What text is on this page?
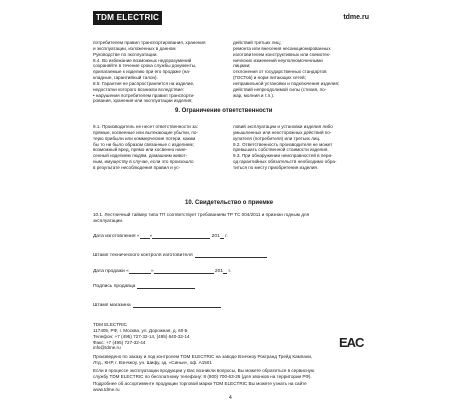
TDM ELECTRIC	tdme.ru
потребителем правил транспортирования, хранения
и эксплуатации, изложенных в данном
Руководстве по эксплуатации.
8.4. Во избежание возможных недоразумений
сохраняйте в течение срока службы документы,
прилагаемые к изделию при его продаже (на-
кладные, гарантийный талон).
8.5. Гарантия не распространяется на изделие,
недостатки которого возникли вследствие:
• нарушения потребителем правил транспорти-
рования, хранения или эксплуатации изделия;
действий третьих лиц;
ремонта или внесения несанкционированных
изготовителем конструктивных или схемотех-
нических изменений неуполномоченными
лицами;
отклонения от государственных стандартов
(ГОСТов) и норм питающих сетей;
неправильной установки и подключения изделия;
действий непреодолимой силы (стихия, по-
жар, молния и т.п.).
9. Ограничение ответственности
9.1. Производитель не несет ответственности за:
прямые, косвенные или вытекающие убытки, по-
терю прибыли или коммерческие потери, каким
бы то ни было образом связанные с изделием;
возможный вред, прямо или косвенно нане-
сенный изделием людям, домашним живот-
ным, имуществу в случае, если это произошло
в результате несоблюдения правил и ус-
ловий эксплуатации и установки изделия либо
умышленных или неосторожных действий по-
купателя (потребителя) или третьих лиц.
9.2. Ответственность производителя не может
превышать собственной стоимости изделия.
9.3. При обнаружении неисправностей в пери-
од гарантийных обязательств необходимо обра-
титься по месту приобретения изделия.
10. Свидетельство о приемке
10.1. Лестничный таймер типа ТП соответствует требованиям ТР ТС 004/2011 и признан годным для
эксплуатации.
Дата изготовления « »	201 г.
Штамп технического контроля изготовителя
Дата продажи «	»	201 г.
Подпись продавца
Штамп магазина
TDM ELECTRIC
117405, РФ, г. Москва, ул. Дорожная, д. 60 Б
Телефон: +7 (495) 727-32-14, (495) 640-32-14
Факс: +7 (495) 727-32-44
info@tdme.ru	EAC
Произведено по заказу и под контролем TDM ELECTRIC на заводе Вэнчжоу Рокгранд Трейд Кампани,
Лтд., КНР, г. Вэнчжоу, ун. Шифу, зд. «Синьи», оф. A1501
Если в процессе эксплуатации продукции у Вас возникли вопросы, Вы можете обратиться в сервисную
службу TDM ELECTRIC по бесплатному телефону: 8 (800) 700-63-26 (для звонков на территории РФ).
Подробнее об ассортименте продукции торговой марки TDM ELECTRIC Вы можете узнать на сайте
www.tdme.ru
4
